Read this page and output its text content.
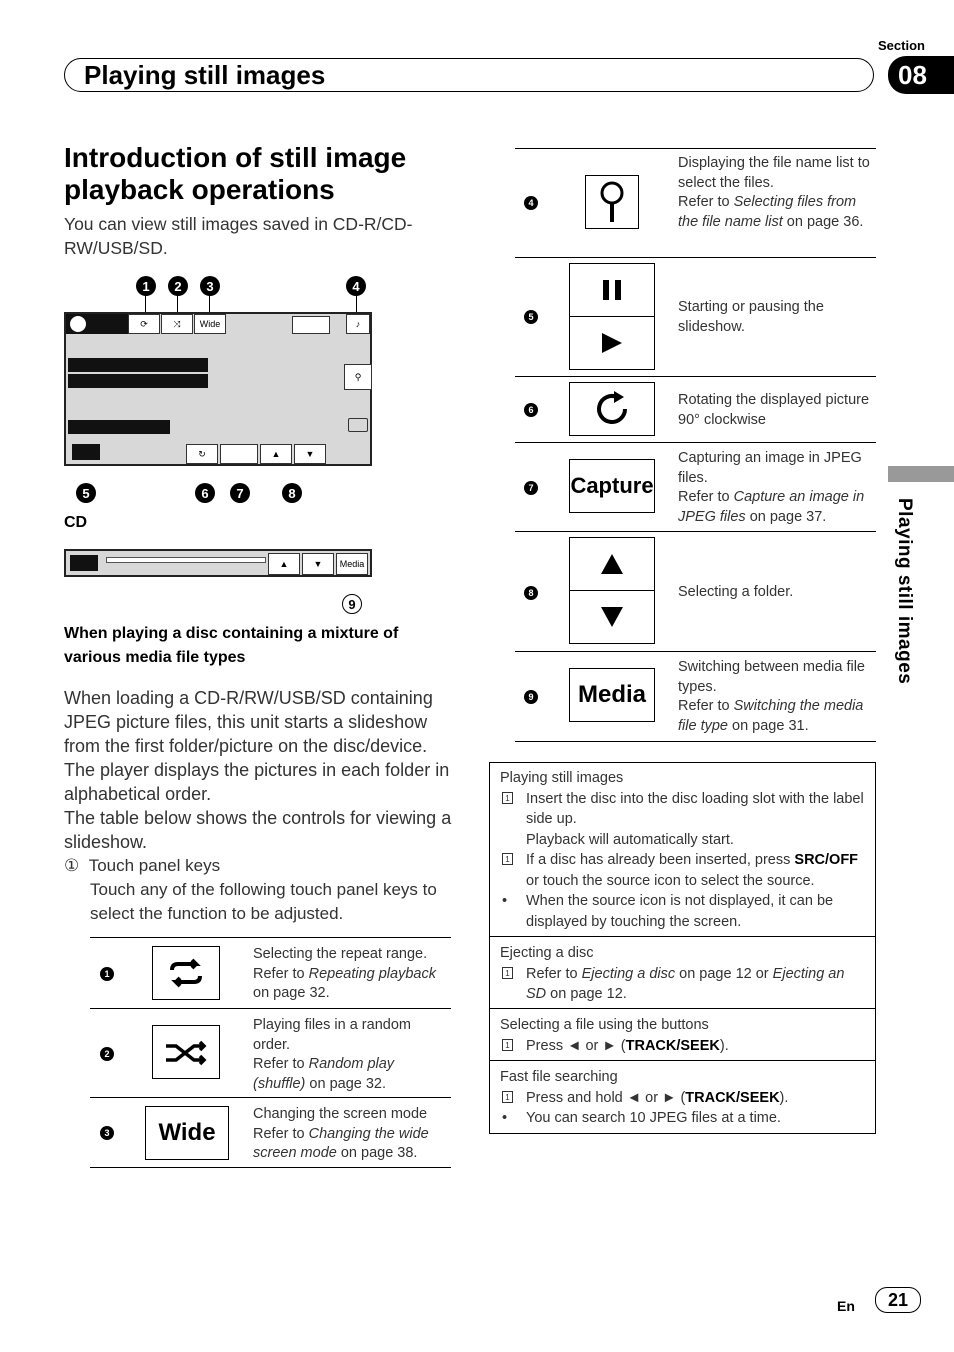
Section
Playing still images	08
Playing still images
Introduction of still image playback operations
You can view still images saved in CD-R/CD-RW/USB/SD.
1	2	3	4
⟳	⤨	Wide	♪
⚲
↻	▲	▼
5	6	7	8
CD
▲	▼	Media
9
When playing a disc containing a mixture of various media file types

When loading a CD-R/RW/USB/SD containing JPEG picture files, this unit starts a slideshow from the first folder/picture on the disc/device. The player displays the pictures in each folder in alphabetical order.

The table below shows the controls for viewing a slideshow.

① Touch panel keys
Touch any of the following touch panel keys to select the function to be adjusted.
1
Selecting the repeat range.
Refer to Repeating playback on page 32.
2
Playing files in a random order.
Refer to Random play (shuffle) on page 32.
3 Wide
Changing the screen mode
Refer to Changing the wide screen mode on page 38.
4
Displaying the file name list to select the files.
Refer to Selecting files from the file name list on page 36.
5
Starting or pausing the slideshow.
6
Rotating the displayed picture 90° clockwise
7 Capture
Capturing an image in JPEG files.
Refer to Capture an image in JPEG files on page 37.
8	Selecting a folder.
9 Media
Switching between media file types.
Refer to Switching the media file type on page 31.
Playing still images
1 Insert the disc into the disc loading slot with the label side up.
Playback will automatically start.
1 If a disc has already been inserted, press SRC/OFF or touch the source icon to select the source.
• When the source icon is not displayed, it can be displayed by touching the screen.
Ejecting a disc
1 Refer to Ejecting a disc on page 12 or Ejecting an SD on page 12.
Selecting a file using the buttons
1 Press ◄ or ► (TRACK/SEEK).
Fast file searching
1 Press and hold ◄ or ► (TRACK/SEEK).
• You can search 10 JPEG files at a time.
En	21
